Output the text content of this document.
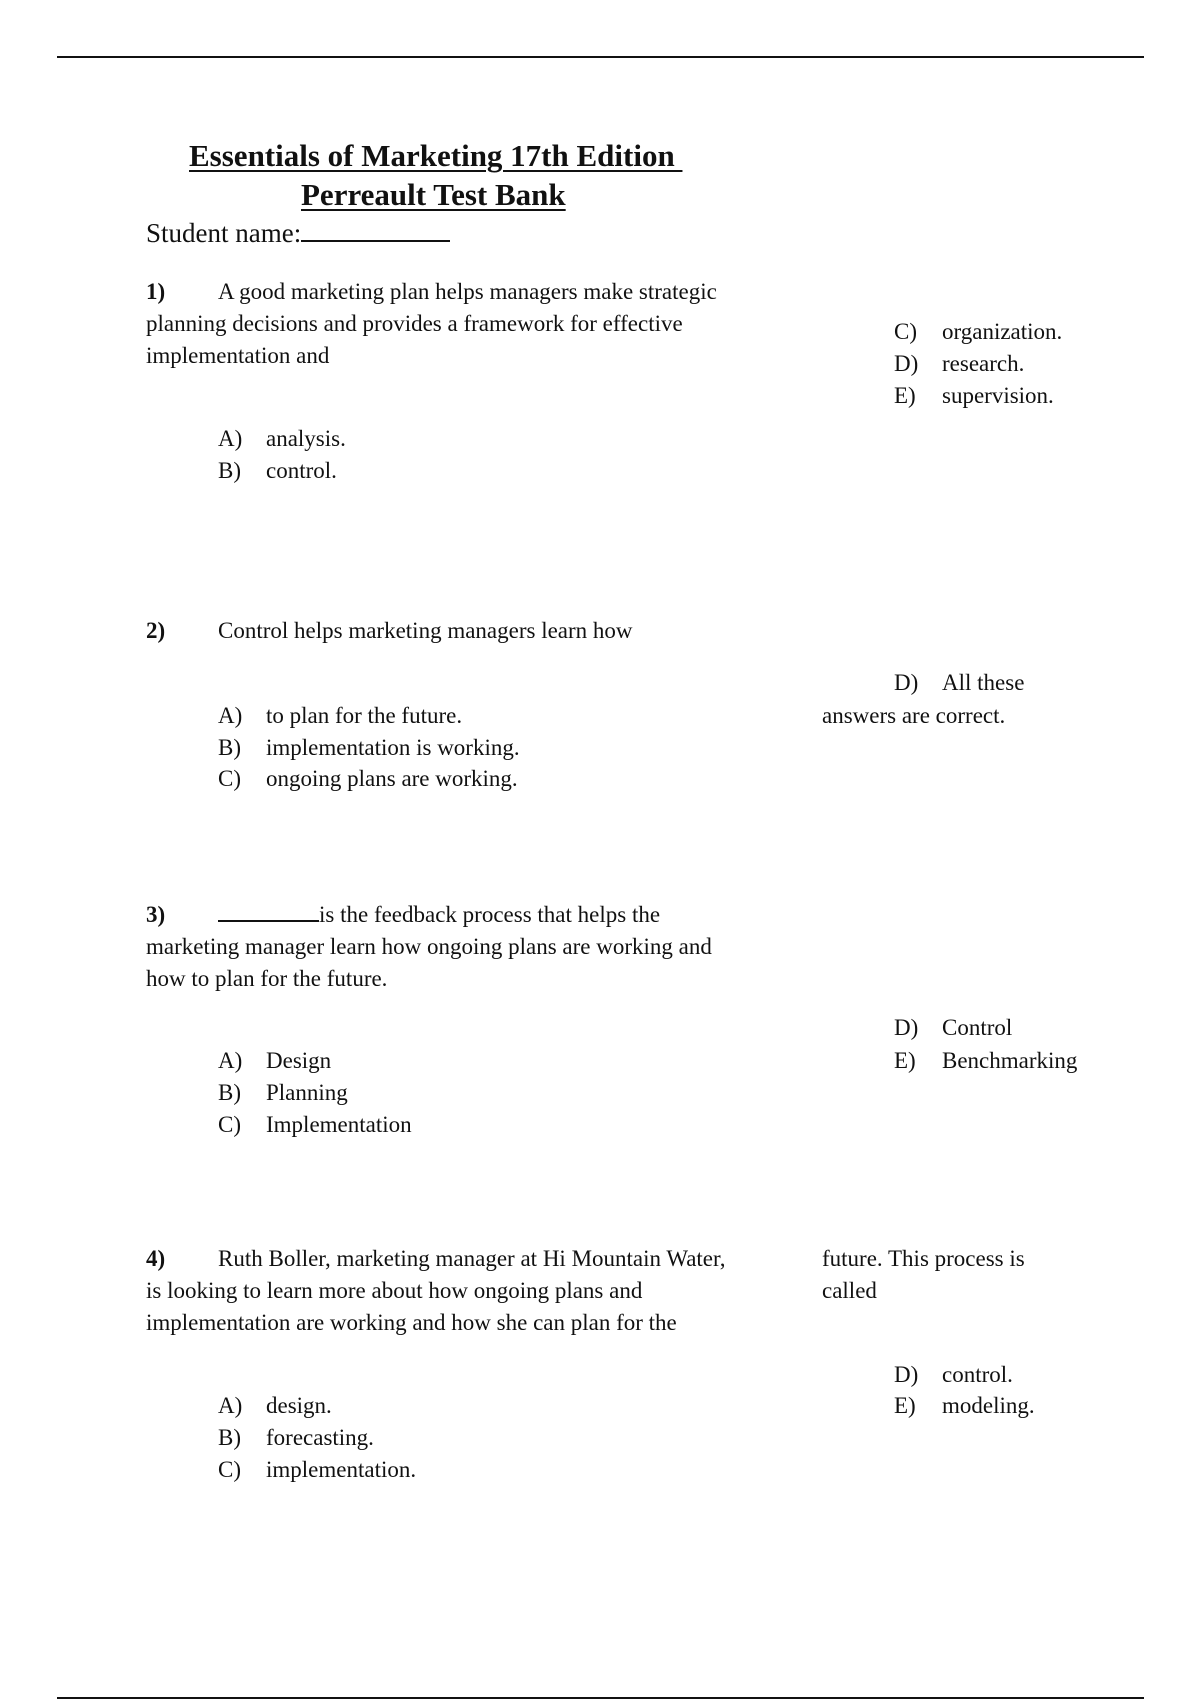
Essentials of Marketing 17th Edition
Perreault Test Bank
Student name:
1) A good marketing plan helps managers make strategic planning decisions and provides a framework for effective implementation and
A) analysis.
B) control.
C) organization.
D) research.
E) supervision.
2) Control helps marketing managers learn how
A) to plan for the future.
B) implementation is working.
C) ongoing plans are working.
D) All these
answers are correct.
3)	is the feedback process that helps the marketing manager learn how ongoing plans are working and how to plan for the future.
A) Design
B) Planning
C) Implementation
D) Control
E) Benchmarking
4) Ruth Boller, marketing manager at Hi Mountain Water, is looking to learn more about how ongoing plans and implementation are working and how she can plan for the
future. This process is called
A) design.
B) forecasting.
C) implementation.
D) control.
E) modeling.
